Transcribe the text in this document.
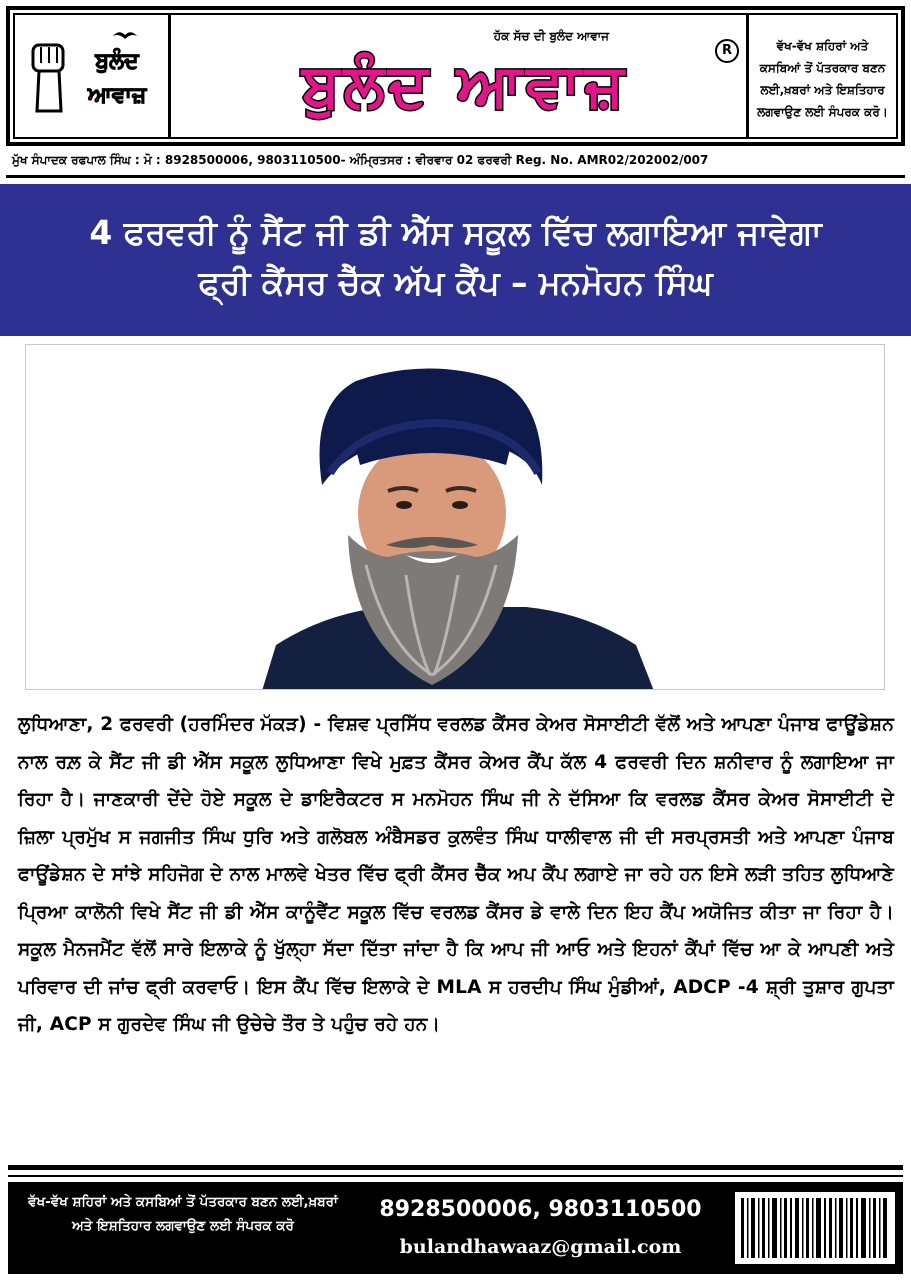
ਬੁਲੰਦ
ਆਵਾਜ਼
ਹੱਕ ਸੱਚ ਦੀ ਬੁਲੰਦ ਆਵਾਜ
ਬੁਲੰਦ ਆਵਾਜ਼
R	ਵੱਖ-ਵੱਖ ਸ਼ਹਿਰਾਂ ਅਤੇ ਕਸਬਿਆਂ ਤੋਂ ਪੱਤਰਕਾਰ ਬਣਨ ਲਈ,ਖ਼ਬਰਾਂ ਅਤੇ ਇਸ਼ਤਿਹਾਰ ਲਗਵਾਉਣ ਲਈ ਸੰਪਰਕ ਕਰੋ।
ਮੁੱਖ ਸੰਪਾਦਕ ਰਫਪਾਲ ਸਿੰਘ : ਮੋ : 8928500006, 9803110500- ਅੰਮ੍ਰਿਤਸਰ : ਵੀਰਵਾਰ 02 ਫਰਵਰੀ Reg. No. AMR02/202002/007
4 ਫਰਵਰੀ ਨੂੰ ਸੈਂਟ ਜੀ ਡੀ ਐੱਸ ਸਕੂਲ ਵਿੱਚ ਲਗਾਇਆ ਜਾਵੇਗਾ
ਫ੍ਰੀ ਕੈਂਸਰ ਚੈੱਕ ਅੱਪ ਕੈਂਪ – ਮਨਮੋਹਨ ਸਿੰਘ
ਲੁਧਿਆਣਾ, 2 ਫਰਵਰੀ (ਹਰਮਿੰਦਰ ਮੱਕੜ) - ਵਿਸ਼ਵ ਪ੍ਰਸਿੱਧ ਵਰਲਡ ਕੈਂਸਰ ਕੇਅਰ ਸੋਸਾਈਟੀ ਵੱਲੋਂ ਅਤੇ ਆਪਣਾ ਪੰਜਾਬ ਫਾਊਂਡੇਸ਼ਨ ਨਾਲ ਰਲ਼ ਕੇ ਸੈਂਟ ਜੀ ਡੀ ਐੱਸ ਸਕੂਲ ਲੁਧਿਆਣਾ ਵਿਖੇ ਮੁਫ਼ਤ ਕੈਂਸਰ ਕੇਅਰ ਕੈਂਪ ਕੱਲ 4 ਫਰਵਰੀ ਦਿਨ ਸ਼ਨੀਵਾਰ ਨੂੰ ਲਗਾਇਆ ਜਾ ਰਿਹਾ ਹੈ। ਜਾਣਕਾਰੀ ਦੇਂਦੇ ਹੋਏ ਸਕੂਲ ਦੇ ਡਾਇਰੈਕਟਰ ਸ ਮਨਮੋਹਨ ਸਿੰਘ ਜੀ ਨੇ ਦੱਸਿਆ ਕਿ ਵਰਲਡ ਕੈਂਸਰ ਕੇਅਰ ਸੋਸਾਈਟੀ ਦੇ ਜ਼ਿਲਾ ਪ੍ਰਮੁੱਖ ਸ ਜਗਜੀਤ ਸਿੰਘ ਧੁਰਿ ਅਤੇ ਗਲੋਬਲ ਅੰਬੈਸਡਰ ਕੁਲਵੰਤ ਸਿੰਘ ਧਾਲੀਵਾਲ ਜੀ ਦੀ ਸਰਪ੍ਰਸਤੀ ਅਤੇ ਆਪਣਾ ਪੰਜਾਬ ਫਾਊਂਡੇਸ਼ਨ ਦੇ ਸਾਂਝੇ ਸਹਿਜੋਗ ਦੇ ਨਾਲ ਮਾਲਵੇ ਖੇਤਰ ਵਿੱਚ ਫ੍ਰੀ ਕੈਂਸਰ ਚੈੱਕ ਅਪ ਕੈਂਪ ਲਗਾਏ ਜਾ ਰਹੇ ਹਨ ਇਸੇ ਲੜੀ ਤਹਿਤ ਲੁਧਿਆਣੇ ਪ੍ਰਿਆ ਕਾਲੋਨੀ ਵਿਖੇ ਸੈਂਟ ਜੀ ਡੀ ਐੱਸ ਕਾਨੂੰਵੈਂਟ ਸਕੂਲ ਵਿੱਚ ਵਰਲਡ ਕੈਂਸਰ ਡੇ ਵਾਲੇ ਦਿਨ ਇਹ ਕੈਂਪ ਅਯੋਜਿਤ ਕੀਤਾ ਜਾ ਰਿਹਾ ਹੈ। ਸਕੂਲ ਮੈਨਜਮੈਂਟ ਵੱਲੋਂ ਸਾਰੇ ਇਲਾਕੇ ਨੂੰ ਖੁੱਲ੍ਹਾ ਸੱਦਾ ਦਿੱਤਾ ਜਾਂਦਾ ਹੈ ਕਿ ਆਪ ਜੀ ਆਓ ਅਤੇ ਇਹਨਾਂ ਕੈਂਪਾਂ ਵਿੱਚ ਆ ਕੇ ਆਪਣੀ ਅਤੇ ਪਰਿਵਾਰ ਦੀ ਜਾਂਚ ਫ੍ਰੀ ਕਰਵਾਓ। ਇਸ ਕੈਂਪ ਵਿੱਚ ਇਲਾਕੇ ਦੇ MLA ਸ ਹਰਦੀਪ ਸਿੰਘ ਮੁੰਡੀਆਂ, ADCP -4 ਸ਼੍ਰੀ ਤੁਸ਼ਾਰ ਗੁਪਤਾ ਜੀ, ACP ਸ ਗੁਰਦੇਵ ਸਿੰਘ ਜੀ ਉਚੇਚੇ ਤੌਰ ਤੇ ਪਹੁੰਚ ਰਹੇ ਹਨ।
ਵੱਖ-ਵੱਖ ਸ਼ਹਿਰਾਂ ਅਤੇ ਕਸਬਿਆਂ ਤੋਂ ਪੱਤਰਕਾਰ ਬਣਨ ਲਈ,ਖ਼ਬਰਾਂ ਅਤੇ ਇਸ਼ਤਿਹਾਰ ਲਗਵਾਉਣ ਲਈ ਸੰਪਰਕ ਕਰੋ
8928500006, 9803110500
bulandhawaaz@gmail.com
